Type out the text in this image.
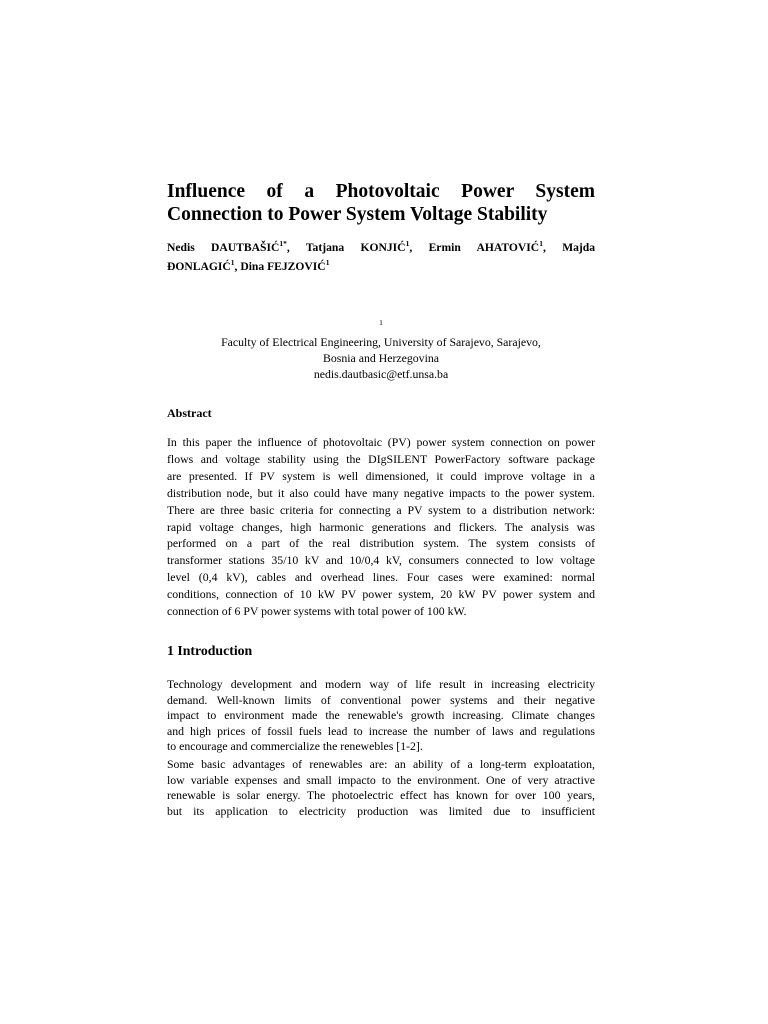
Influence of a Photovoltaic Power System
Connection to Power System Voltage Stability
Nedis $DAUTBAŠIĆ^{1*}$, Tatjana KONJIĆ$^1$, Ermin AHATOVIĆ$^1$, Majda
ĐONLAGIĆ$^1$, Dina FEJZOVIĆ$^1$
$^1$
Faculty of Electrical Engineering, University of Sarajevo, Sarajevo,
Bosnia and Herzegovina
nedis.dautbasic@etf.unsa.ba
Abstract

In this paper the influence of photovoltaic (PV) power system connection on power
flows and voltage stability using the DIgSILENT PowerFactory software package
are presented. If PV system is well dimensioned, it could improve voltage in a
distribution node, but it also could have many negative impacts to the power system.
There are three basic criteria for connecting a PV system to a distribution network:
rapid voltage changes, high harmonic generations and flickers. The analysis was
performed on a part of the real distribution system. The system consists of
transformer stations 35/10 kV and 10/0,4 kV, consumers connected to low voltage
level (0,4 kV), cables and overhead lines. Four cases were examined: normal
conditions, connection of 10 kW PV power system, 20 kW PV power system and
connection of 6 PV power systems with total power of 100 kW.

1 Introduction

Technology development and modern way of life result in increasing electricity
demand. Well-known limits of conventional power systems and their negative
impact to environment made the renewable's growth increasing. Climate changes
and high prices of fossil fuels lead to increase the number of laws and regulations
to encourage and commercialize the renewebles [1-2].

Some basic advantages of renewables are: an ability of a long-term exploatation,
low variable expenses and small impacto to the environment. One of very atractive
renewable is solar energy. The photoelectric effect has known for over 100 years,
but its application to electricity production was limited due to insufficient
